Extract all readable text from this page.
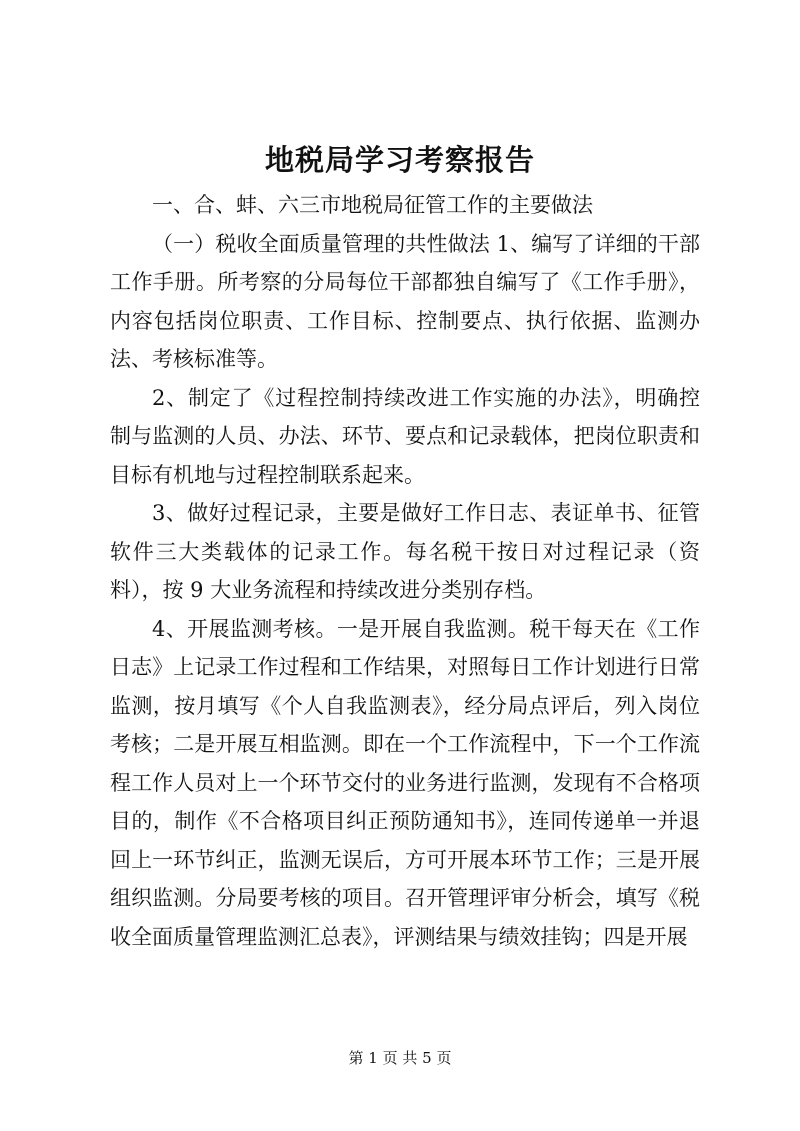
地税局学习考察报告

一、合、蚌、六三市地税局征管工作的主要做法

（一）税收全面质量管理的共性做法 1、编写了详细的干部工作手册。所考察的分局每位干部都独自编写了《工作手册》，内容包括岗位职责、工作目标、控制要点、执行依据、监测办法、考核标准等。

2、制定了《过程控制持续改进工作实施的办法》，明确控制与监测的人员、办法、环节、要点和记录载体，把岗位职责和目标有机地与过程控制联系起来。

3、做好过程记录，主要是做好工作日志、表证单书、征管软件三大类载体的记录工作。每名税干按日对过程记录（资料），按 9 大业务流程和持续改进分类别存档。

4、开展监测考核。一是开展自我监测。税干每天在《工作日志》上记录工作过程和工作结果，对照每日工作计划进行日常监测，按月填写《个人自我监测表》，经分局点评后，列入岗位考核；二是开展互相监测。即在一个工作流程中，下一个工作流程工作人员对上一个环节交付的业务进行监测，发现有不合格项目的，制作《不合格项目纠正预防通知书》，连同传递单一并退回上一环节纠正，监测无误后，方可开展本环节工作；三是开展组织监测。分局要考核的项目。召开管理评审分析会，填写《税收全面质量管理监测汇总表》，评测结果与绩效挂钩；四是开展

第 1 页 共 5 页
